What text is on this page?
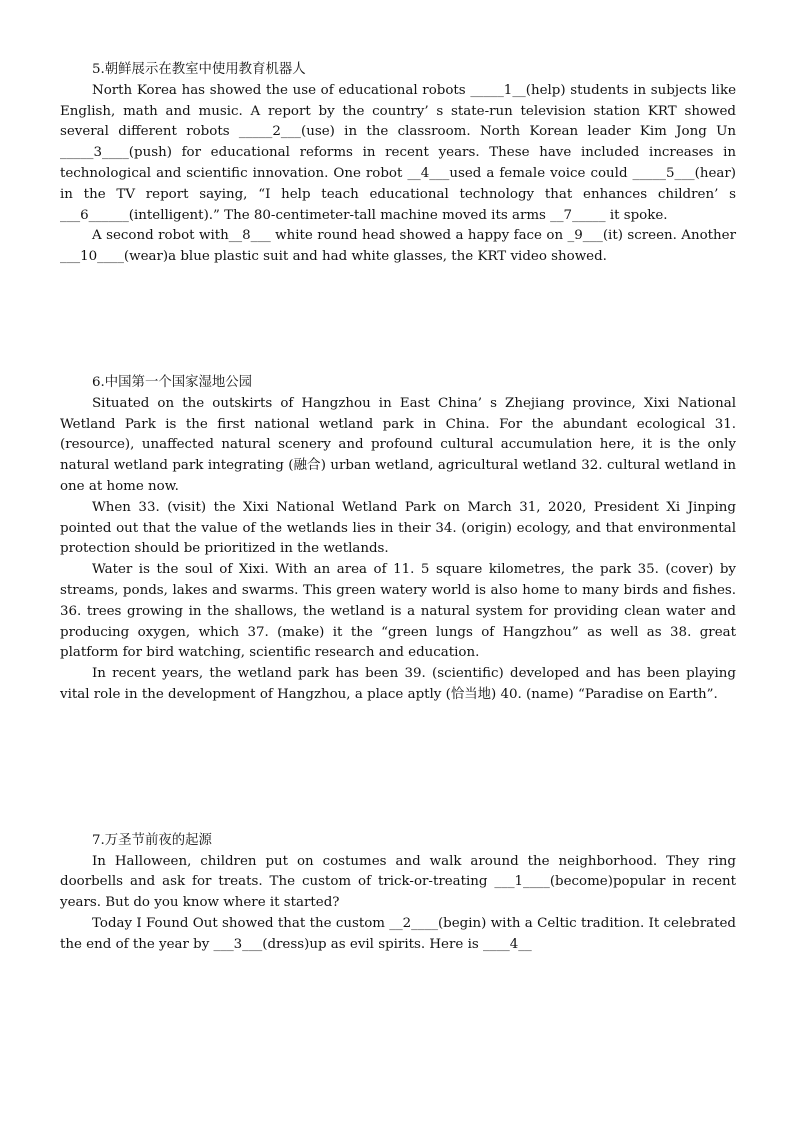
5.朝鲜展示在教室中使用教育机器人

North Korea has showed the use of educational robots _____1__(help) students in subjects like English, math and music. A report by the country’ s state-run television station KRT showed several different robots _____2___(use) in the classroom. North Korean leader Kim Jong Un _____3____(push) for educational reforms in recent years. These have included increases in technological and scientific innovation. One robot __4___used a female voice could _____5___(hear) in the TV report saying, “I help teach educational technology that enhances children’ s ___6______(intelligent).” The 80-centimeter-tall machine moved its arms __7_____ it spoke.

A second robot with__8___ white round head showed a happy face on _9___(it) screen. Another ___10____(wear)a blue plastic suit and had white glasses, the KRT video showed.

6.中国第一个国家湿地公园

Situated on the outskirts of Hangzhou in East China’ s Zhejiang province, Xixi National Wetland Park is the first national wetland park in China. For the abundant ecological 31. (resource), unaffected natural scenery and profound cultural accumulation here, it is the only natural wetland park integrating (融合) urban wetland, agricultural wetland 32. cultural wetland in one at home now.

When 33. (visit) the Xixi National Wetland Park on March 31, 2020, President Xi Jinping pointed out that the value of the wetlands lies in their 34. (origin) ecology, and that environmental protection should be prioritized in the wetlands.

Water is the soul of Xixi. With an area of 11. 5 square kilometres, the park 35. (cover) by streams, ponds, lakes and swarms. This green watery world is also home to many birds and fishes. 36. trees growing in the shallows, the wetland is a natural system for providing clean water and producing oxygen, which 37. (make) it the “green lungs of Hangzhou” as well as 38. great platform for bird watching, scientific research and education.

In recent years, the wetland park has been 39. (scientific) developed and has been playing vital role in the development of Hangzhou, a place aptly (恰当地) 40. (name) “Paradise on Earth”.

7.万圣节前夜的起源

In Halloween, children put on costumes and walk around the neighborhood. They ring doorbells and ask for treats. The custom of trick-or-treating ___1____(become)popular in recent years. But do you know where it started?

Today I Found Out showed that the custom __2____(begin) with a Celtic tradition. It celebrated the end of the year by ___3___(dress)up as evil spirits. Here is ____4__
